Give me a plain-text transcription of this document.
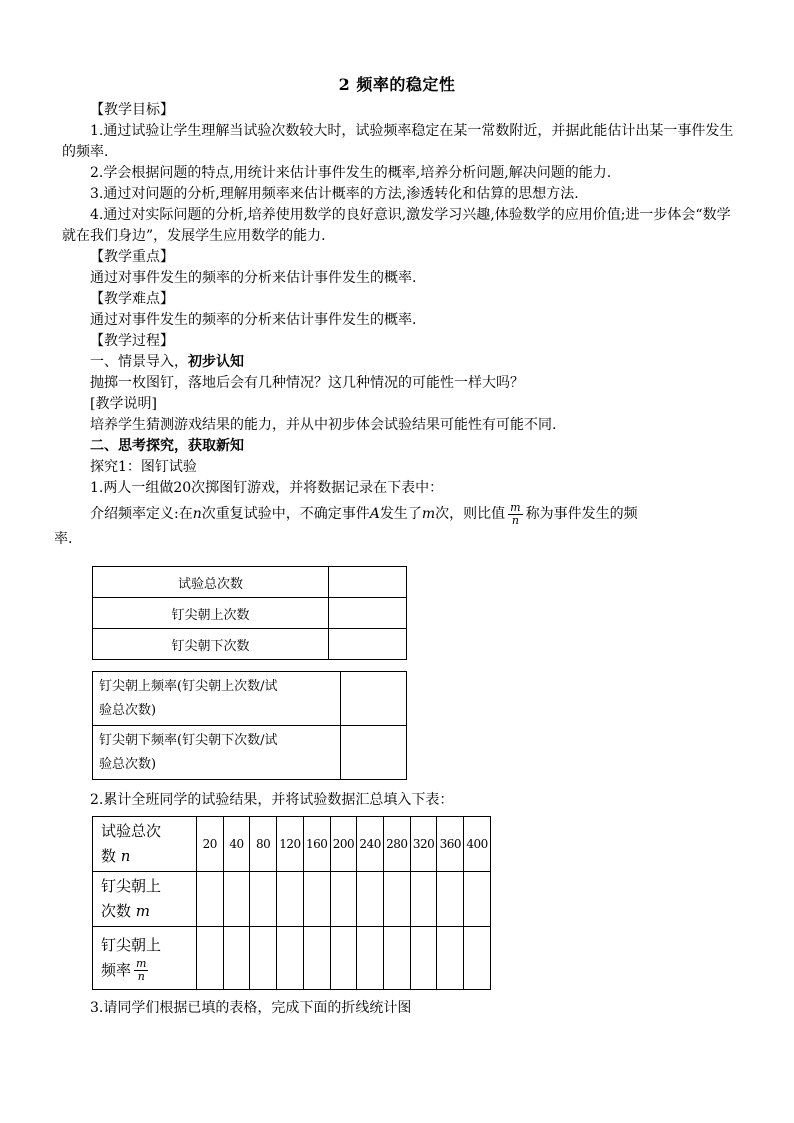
2 频率的稳定性

【教学目标】

1.通过试验让学生理解当试验次数较大时，试验频率稳定在某一常数附近，并据此能估计出某一事件发生的频率.

2.学会根据问题的特点,用统计来估计事件发生的概率,培养分析问题,解决问题的能力.

3.通过对问题的分析,理解用频率来估计概率的方法,渗透转化和估算的思想方法.

4.通过对实际问题的分析,培养使用数学的良好意识,激发学习兴趣,体验数学的应用价值;进一步体会“数学就在我们身边”，发展学生应用数学的能力.

【教学重点】

通过对事件发生的频率的分析来估计事件发生的概率.

【教学难点】

通过对事件发生的频率的分析来估计事件发生的概率.

【教学过程】

一、情景导入，初步认知

抛掷一枚图钉，落地后会有几种情况？这几种情况的可能性一样大吗？

[教学说明]

培养学生猜测游戏结果的能力，并从中初步体会试验结果可能性有可能不同.

二、思考探究，获取新知

探究1：图钉试验

1.两人一组做20次掷图钉游戏，并将数据记录在下表中：

介绍频率定义:在n次重复试验中，不确定事件A发生了m次，则比值 $\frac{m}{n}$ 称为事件发生的频

率.

试验总次数	
钉尖朝上次数	
钉尖朝下次数	
钉尖朝上频率(钉尖朝上次数/试
验总次数)	

钉尖朝下频率(钉尖朝下次数/试
验总次数)	

2.累计全班同学的试验结果，并将试验数据汇总填入下表：
试验总次
数 n	20	40	80	120	160	200	240	280	320	360	400

钉尖朝上
次数 m											

钉尖朝上
频率 $\frac{m}{n}$

3.请同学们根据已填的表格，完成下面的折线统计图
